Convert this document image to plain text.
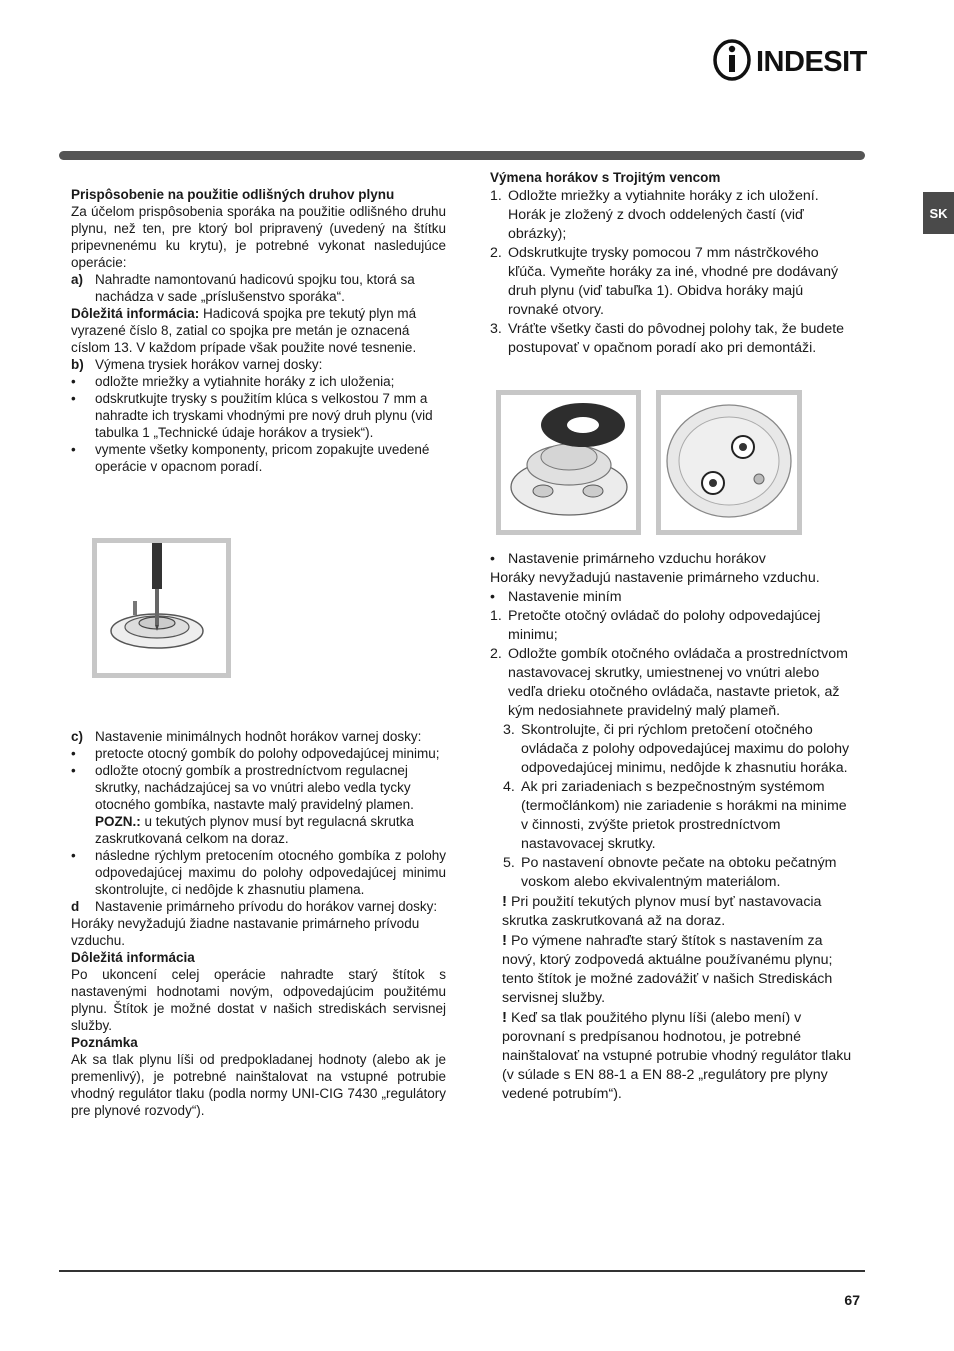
INDESIT
SK

Prispôsobenie na použitie odlišných druhov plynu

Za účelom prispôsobenia sporáka na použitie odlišného druhu plynu, než ten, pre ktorý bol pripravený (uvedený na štítku pripevnenému ku krytu), je potrebné vykonat nasledujúce operácie:

a) Nahradte namontovanú hadicovú spojku tou, ktorá sa nachádza v sade „príslušenstvo sporáka“.

Dôležitá informácia: Hadicová spojka pre tekutý plyn má vyrazené číslo 8, zatial co spojka pre metán je oznacená císlom 13. V každom prípade však použite nové tesnenie.

b) Výmena trysiek horákov varnej dosky:
• odložte mriežky a vytiahnite horáky z ich uloženia;
• odskrutkujte trysky s použitím klúca s velkostou 7 mm a nahradte ich tryskami vhodnými pre nový druh plynu (vid tabulka 1 „Technické údaje horákov a trysiek“).
• vymente všetky komponenty, pricom zopakujte uvedené operácie v opacnom poradí.
c) Nastavenie minimálnych hodnôt horákov varnej dosky:
• pretocte otocný gombík do polohy odpovedajúcej minimu;
• odložte otocný gombík a prostredníctvom regulacnej skrutky, nachádzajúcej sa vo vnútri alebo vedla tycky otocného gombíka, nastavte malý pravidelný plamen.
POZN.: u tekutých plynov musí byt regulacná skrutka zaskrutkovaná celkom na doraz.
• následne rýchlym pretocením otocného gombíka z polohy odpovedajúcej maximu do polohy odpovedajúcej minimu skontrolujte, ci nedôjde k zhasnutiu plamena.
d Nastavenie primárneho prívodu do horákov varnej dosky:

Horáky nevyžadujú žiadne nastavanie primárneho prívodu vzduchu.

Dôležitá informácia

Po ukoncení celej operácie nahradte starý štítok s nastavenými hodnotami novým, odpovedajúcim použitému plynu. Štítok je možné dostat v našich strediskách servisnej služby.

Poznámka

Ak sa tlak plynu líši od predpokladanej hodnoty (alebo ak je premenlivý), je potrebné nainštalovat na vstupné potrubie vhodný regulátor tlaku (podla normy UNI-CIG 7430 „regulátory pre plynové rozvody“).

Výmena horákov s Trojitým vencom

1. Odložte mriežky a vytiahnite horáky z ich uložení. Horák je zložený z dvoch oddelených častí (viď obrázky);
2. Odskrutkujte trysky pomocou 7 mm nástrčkového kľúča. Vymeňte horáky za iné, vhodné pre dodávaný druh plynu (viď tabuľka 1). Obidva horáky majú rovnaké otvory.
3. Vráťte všetky časti do pôvodnej polohy tak, že budete postupovať v opačnom poradí ako pri demontáži.
• Nastavenie primárneho vzduchu horákov

Horáky nevyžadujú nastavenie primárneho vzduchu.

• Nastavenie miním
1. Pretočte otočný ovládač do polohy odpovedajúcej minimu;
2. Odložte gombík otočného ovládača a prostredníctvom nastavovacej skrutky, umiestnenej vo vnútri alebo vedľa drieku otočného ovládača, nastavte prietok, až kým nedosiahnete pravidelný malý plameň.
3. Skontrolujte, či pri rýchlom pretočení otočného ovládača z polohy odpovedajúcej maximu do polohy odpovedajúcej minimu, nedôjde k zhasnutiu horáka.
4. Ak pri zariadeniach s bezpečnostným systémom (termočlánkom) nie zariadenie s horákmi na minime v činnosti, zvýšte prietok prostredníctvom nastavovacej skrutky.
5. Po nastavení obnovte pečate na obtoku pečatným voskom alebo ekvivalentným materiálom.

! Pri použití tekutých plynov musí byť nastavovacia skrutka zaskrutkovaná až na doraz.

! Po výmene nahraďte starý štítok s nastavením za nový, ktorý zodpovedá aktuálne používanému plynu; tento štítok je možné zadovážiť v našich Strediskách servisnej služby.

! Keď sa tlak použitého plynu líši (alebo mení) v porovnaní s predpísanou hodnotou, je potrebné nainštalovať na vstupné potrubie vhodný regulátor tlaku (v súlade s EN 88-1 a EN 88-2 „regulátory pre plyny vedené potrubím“).

67
